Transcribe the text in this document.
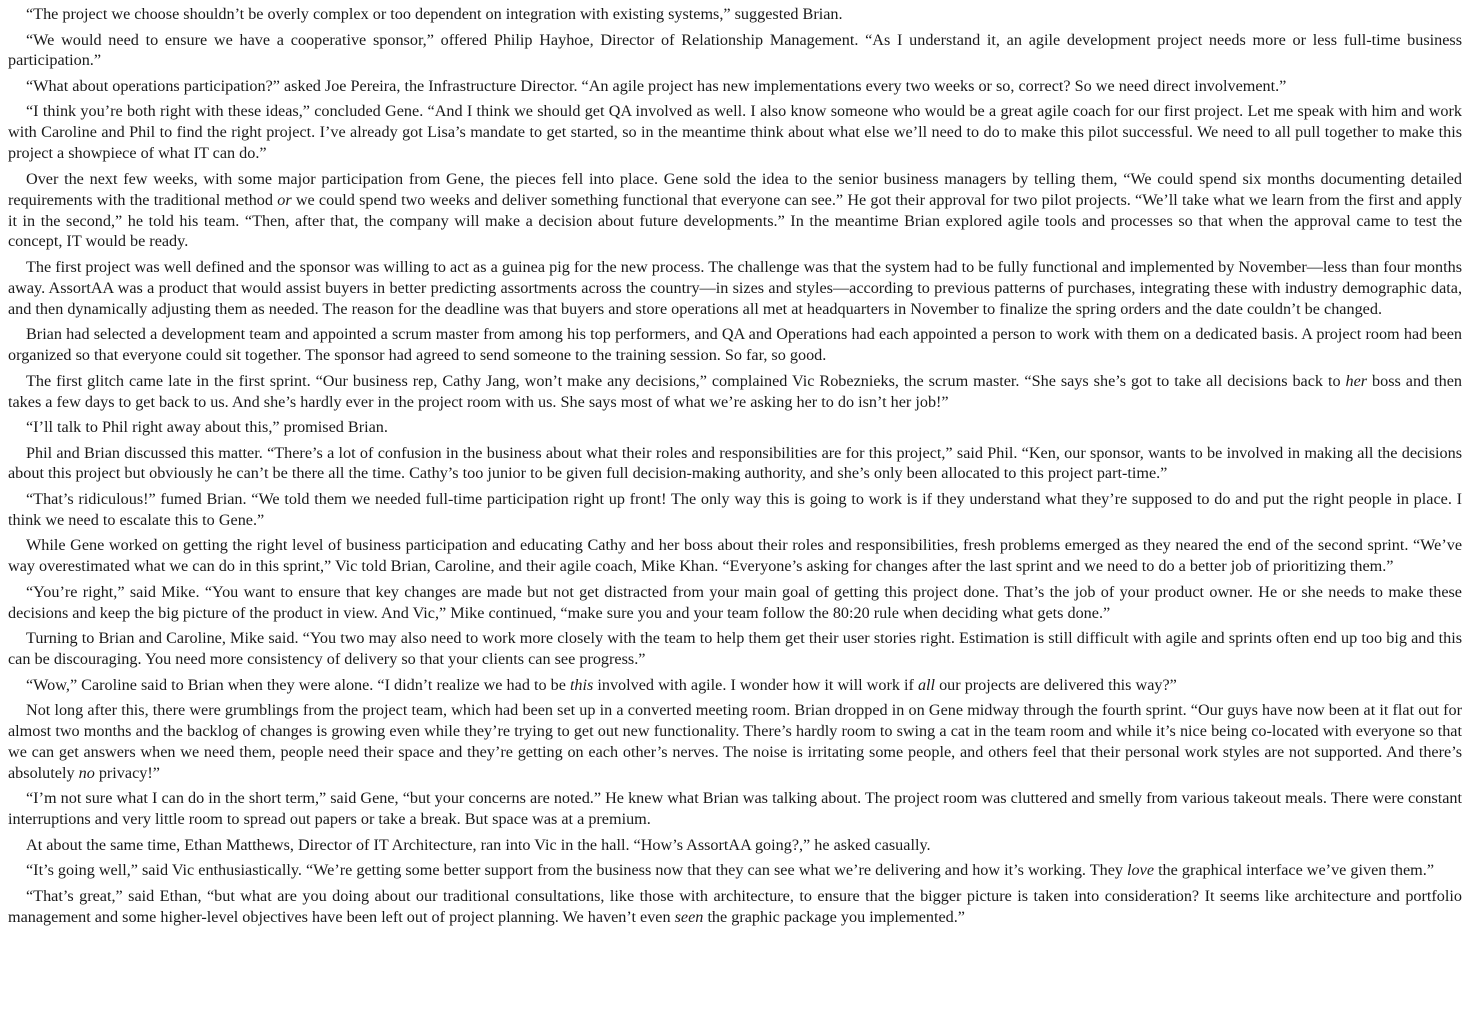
“The project we choose shouldn’t be overly complex or too dependent on integration with existing systems,” suggested Brian.

“We would need to ensure we have a cooperative sponsor,” offered Philip Hayhoe, Director of Relationship Management. “As I understand it, an agile development project needs more or less full-time business participation.”

“What about operations participation?” asked Joe Pereira, the Infrastructure Director. “An agile project has new implementations every two weeks or so, correct? So we need direct involvement.”

“I think you’re both right with these ideas,” concluded Gene. “And I think we should get QA involved as well. I also know someone who would be a great agile coach for our first project. Let me speak with him and work with Caroline and Phil to find the right project. I’ve already got Lisa’s mandate to get started, so in the meantime think about what else we’ll need to do to make this pilot successful. We need to all pull together to make this project a showpiece of what IT can do.”

Over the next few weeks, with some major participation from Gene, the pieces fell into place. Gene sold the idea to the senior business managers by telling them, “We could spend six months documenting detailed requirements with the traditional method or we could spend two weeks and deliver something functional that everyone can see.” He got their approval for two pilot projects. “We’ll take what we learn from the first and apply it in the second,” he told his team. “Then, after that, the company will make a decision about future developments.” In the meantime Brian explored agile tools and processes so that when the approval came to test the concept, IT would be ready.

The first project was well defined and the sponsor was willing to act as a guinea pig for the new process. The challenge was that the system had to be fully functional and implemented by November—less than four months away. AssortAA was a product that would assist buyers in better predicting assortments across the country—in sizes and styles—according to previous patterns of purchases, integrating these with industry demographic data, and then dynamically adjusting them as needed. The reason for the deadline was that buyers and store operations all met at headquarters in November to finalize the spring orders and the date couldn’t be changed.

Brian had selected a development team and appointed a scrum master from among his top performers, and QA and Operations had each appointed a person to work with them on a dedicated basis. A project room had been organized so that everyone could sit together. The sponsor had agreed to send someone to the training session. So far, so good.

The first glitch came late in the first sprint. “Our business rep, Cathy Jang, won’t make any decisions,” complained Vic Robeznieks, the scrum master. “She says she’s got to take all decisions back to her boss and then takes a few days to get back to us. And she’s hardly ever in the project room with us. She says most of what we’re asking her to do isn’t her job!”

“I’ll talk to Phil right away about this,” promised Brian.

Phil and Brian discussed this matter. “There’s a lot of confusion in the business about what their roles and responsibilities are for this project,” said Phil. “Ken, our sponsor, wants to be involved in making all the decisions about this project but obviously he can’t be there all the time. Cathy’s too junior to be given full decision-making authority, and she’s only been allocated to this project part-time.”

“That’s ridiculous!” fumed Brian. “We told them we needed full-time participation right up front! The only way this is going to work is if they understand what they’re supposed to do and put the right people in place. I think we need to escalate this to Gene.”

While Gene worked on getting the right level of business participation and educating Cathy and her boss about their roles and responsibilities, fresh problems emerged as they neared the end of the second sprint. “We’ve way overestimated what we can do in this sprint,” Vic told Brian, Caroline, and their agile coach, Mike Khan. “Everyone’s asking for changes after the last sprint and we need to do a better job of prioritizing them.”

“You’re right,” said Mike. “You want to ensure that key changes are made but not get distracted from your main goal of getting this project done. That’s the job of your product owner. He or she needs to make these decisions and keep the big picture of the product in view. And Vic,” Mike continued, “make sure you and your team follow the 80:20 rule when deciding what gets done.”

Turning to Brian and Caroline, Mike said. “You two may also need to work more closely with the team to help them get their user stories right. Estimation is still difficult with agile and sprints often end up too big and this can be discouraging. You need more consistency of delivery so that your clients can see progress.”

“Wow,” Caroline said to Brian when they were alone. “I didn’t realize we had to be this involved with agile. I wonder how it will work if all our projects are delivered this way?”

Not long after this, there were grumblings from the project team, which had been set up in a converted meeting room. Brian dropped in on Gene midway through the fourth sprint. “Our guys have now been at it flat out for almost two months and the backlog of changes is growing even while they’re trying to get out new functionality. There’s hardly room to swing a cat in the team room and while it’s nice being co-located with everyone so that we can get answers when we need them, people need their space and they’re getting on each other’s nerves. The noise is irritating some people, and others feel that their personal work styles are not supported. And there’s absolutely no privacy!”

“I’m not sure what I can do in the short term,” said Gene, “but your concerns are noted.” He knew what Brian was talking about. The project room was cluttered and smelly from various takeout meals. There were constant interruptions and very little room to spread out papers or take a break. But space was at a premium.

At about the same time, Ethan Matthews, Director of IT Architecture, ran into Vic in the hall. “How’s AssortAA going?,” he asked casually.

“It’s going well,” said Vic enthusiastically. “We’re getting some better support from the business now that they can see what we’re delivering and how it’s working. They love the graphical interface we’ve given them.”

“That’s great,” said Ethan, “but what are you doing about our traditional consultations, like those with architecture, to ensure that the bigger picture is taken into consideration? It seems like architecture and portfolio management and some higher-level objectives have been left out of project planning. We haven’t even seen the graphic package you implemented.”
